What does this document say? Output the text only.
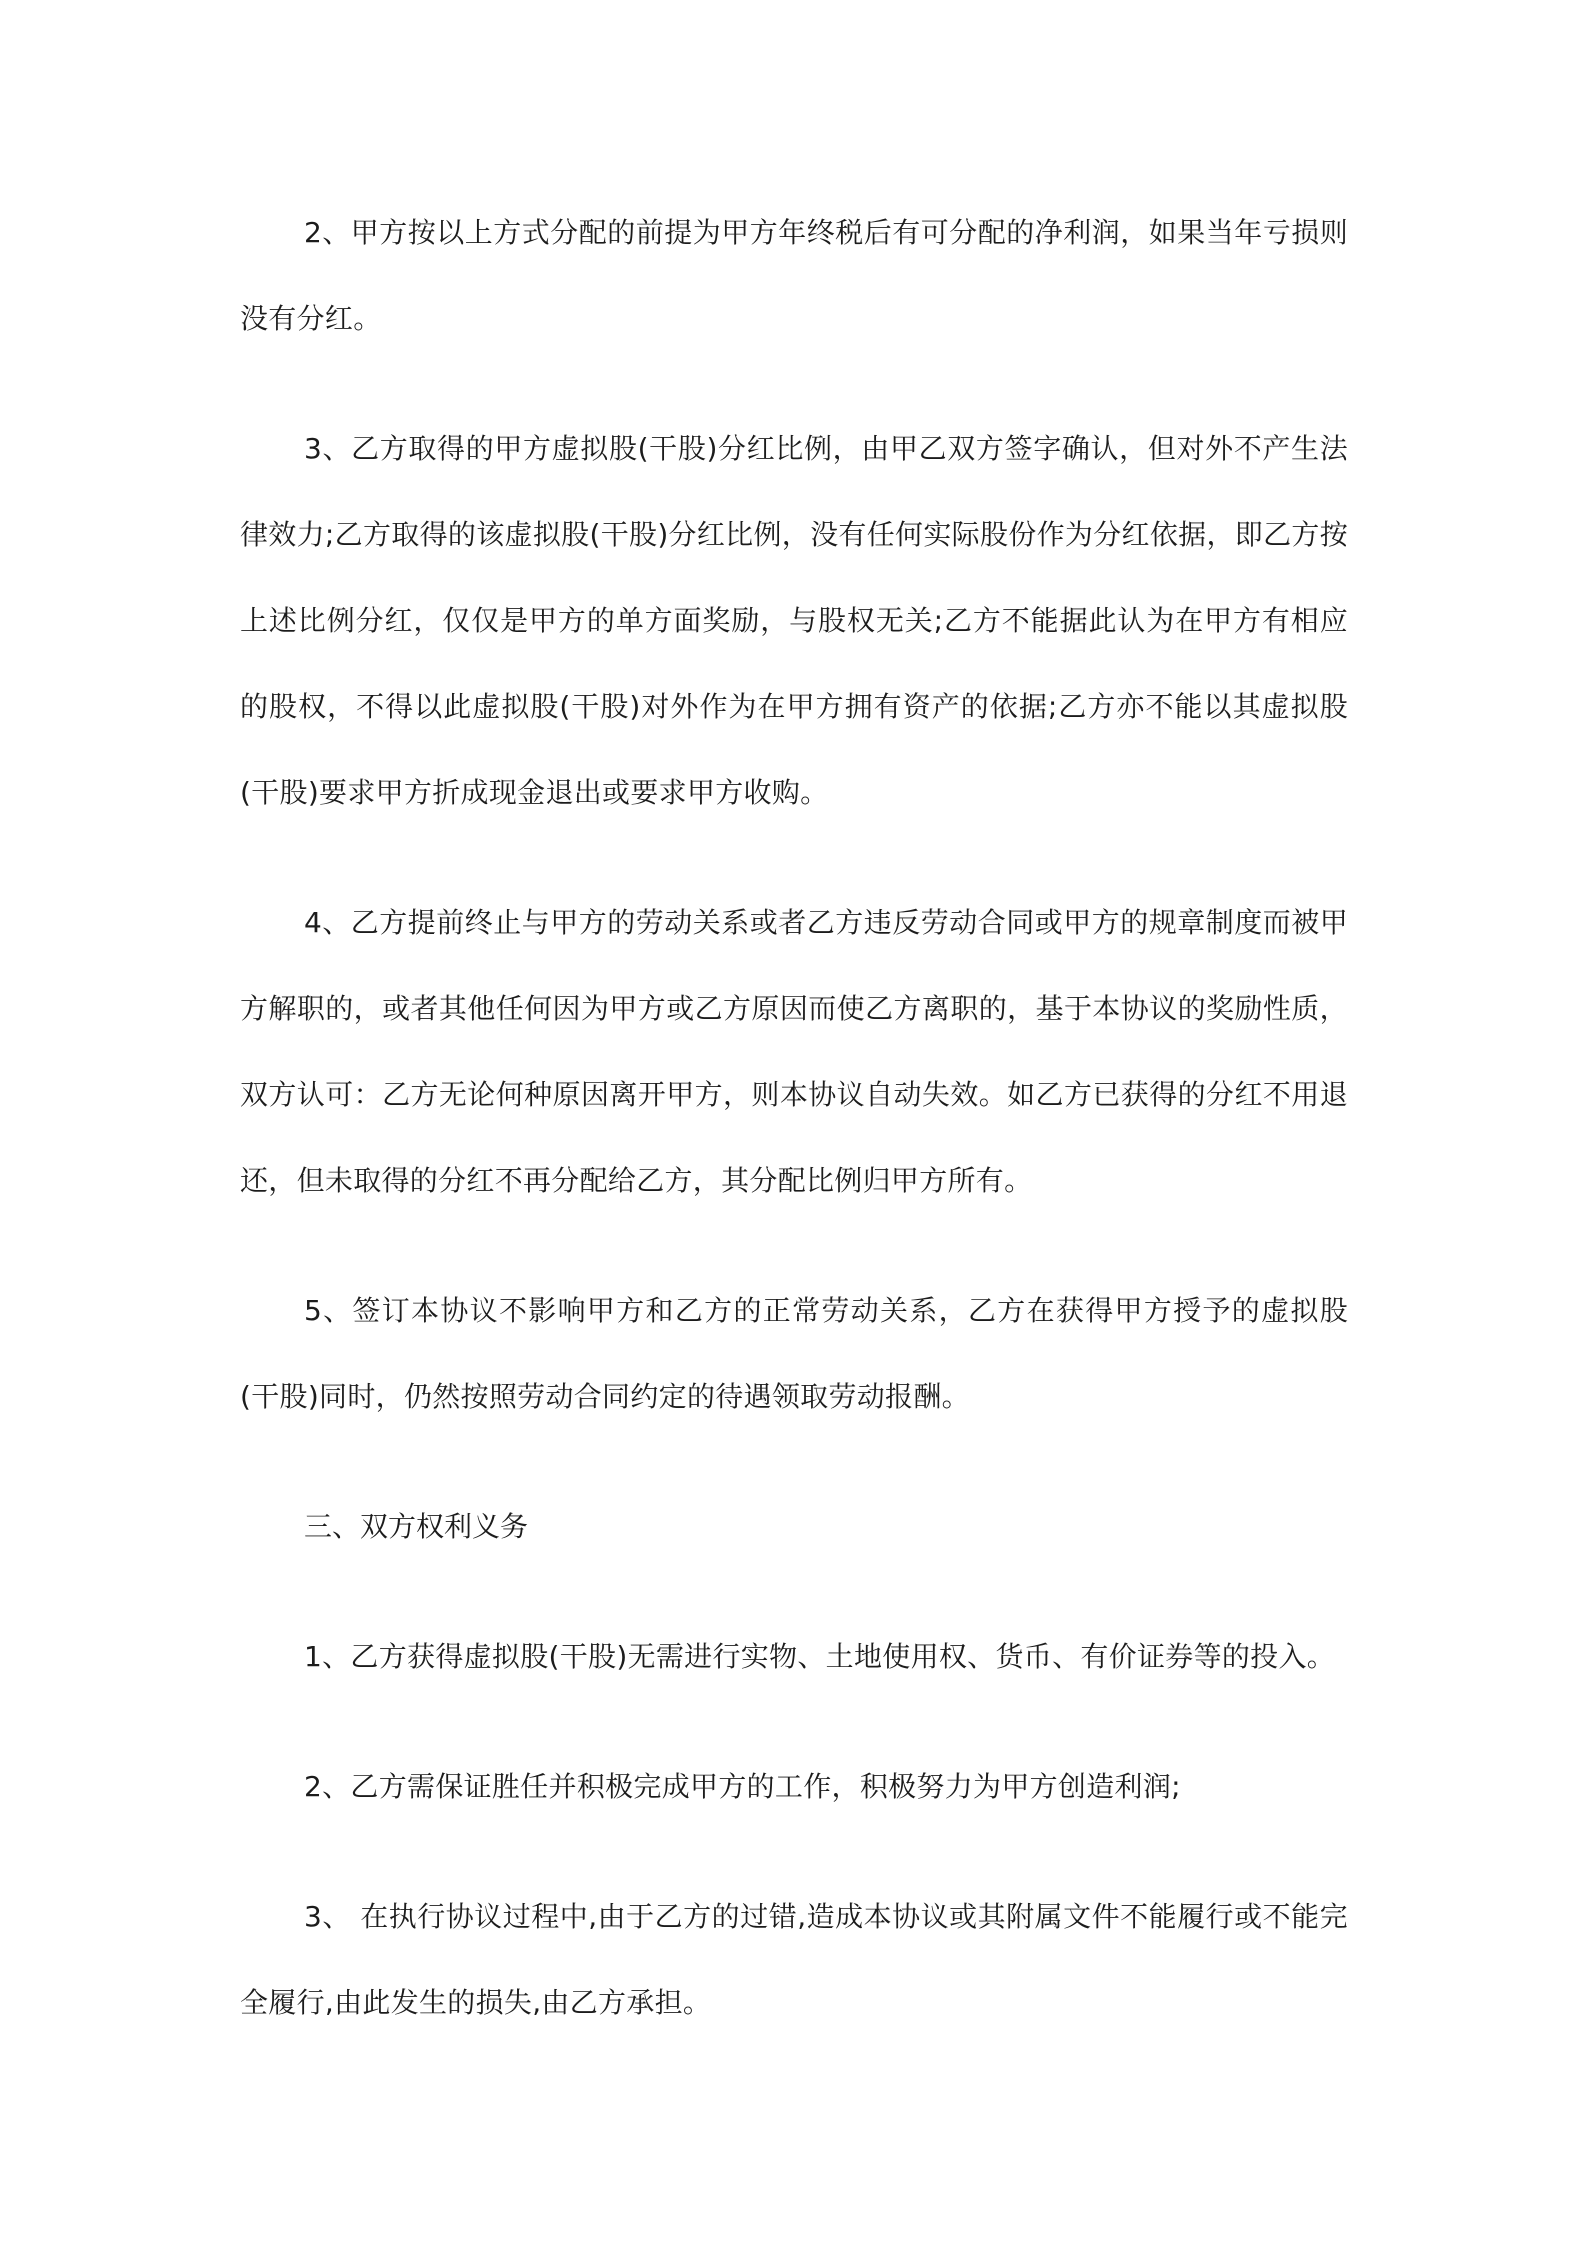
2、甲方按以上方式分配的前提为甲方年终税后有可分配的净利润，如果当年亏损则没有分红。

3、乙方取得的甲方虚拟股(干股)分红比例，由甲乙双方签字确认，但对外不产生法律效力;乙方取得的该虚拟股(干股)分红比例，没有任何实际股份作为分红依据，即乙方按上述比例分红，仅仅是甲方的单方面奖励，与股权无关;乙方不能据此认为在甲方有相应的股权，不得以此虚拟股(干股)对外作为在甲方拥有资产的依据;乙方亦不能以其虚拟股(干股)要求甲方折成现金退出或要求甲方收购。

4、乙方提前终止与甲方的劳动关系或者乙方违反劳动合同或甲方的规章制度而被甲方解职的，或者其他任何因为甲方或乙方原因而使乙方离职的，基于本协议的奖励性质，双方认可：乙方无论何种原因离开甲方，则本协议自动失效。如乙方已获得的分红不用退还，但未取得的分红不再分配给乙方，其分配比例归甲方所有。

5、签订本协议不影响甲方和乙方的正常劳动关系，乙方在获得甲方授予的虚拟股(干股)同时，仍然按照劳动合同约定的待遇领取劳动报酬。

三、双方权利义务

1、乙方获得虚拟股(干股)无需进行实物、土地使用权、货币、有价证券等的投入。

2、乙方需保证胜任并积极完成甲方的工作，积极努力为甲方创造利润;

3、 在执行协议过程中,由于乙方的过错,造成本协议或其附属文件不能履行或不能完全履行,由此发生的损失,由乙方承担。
